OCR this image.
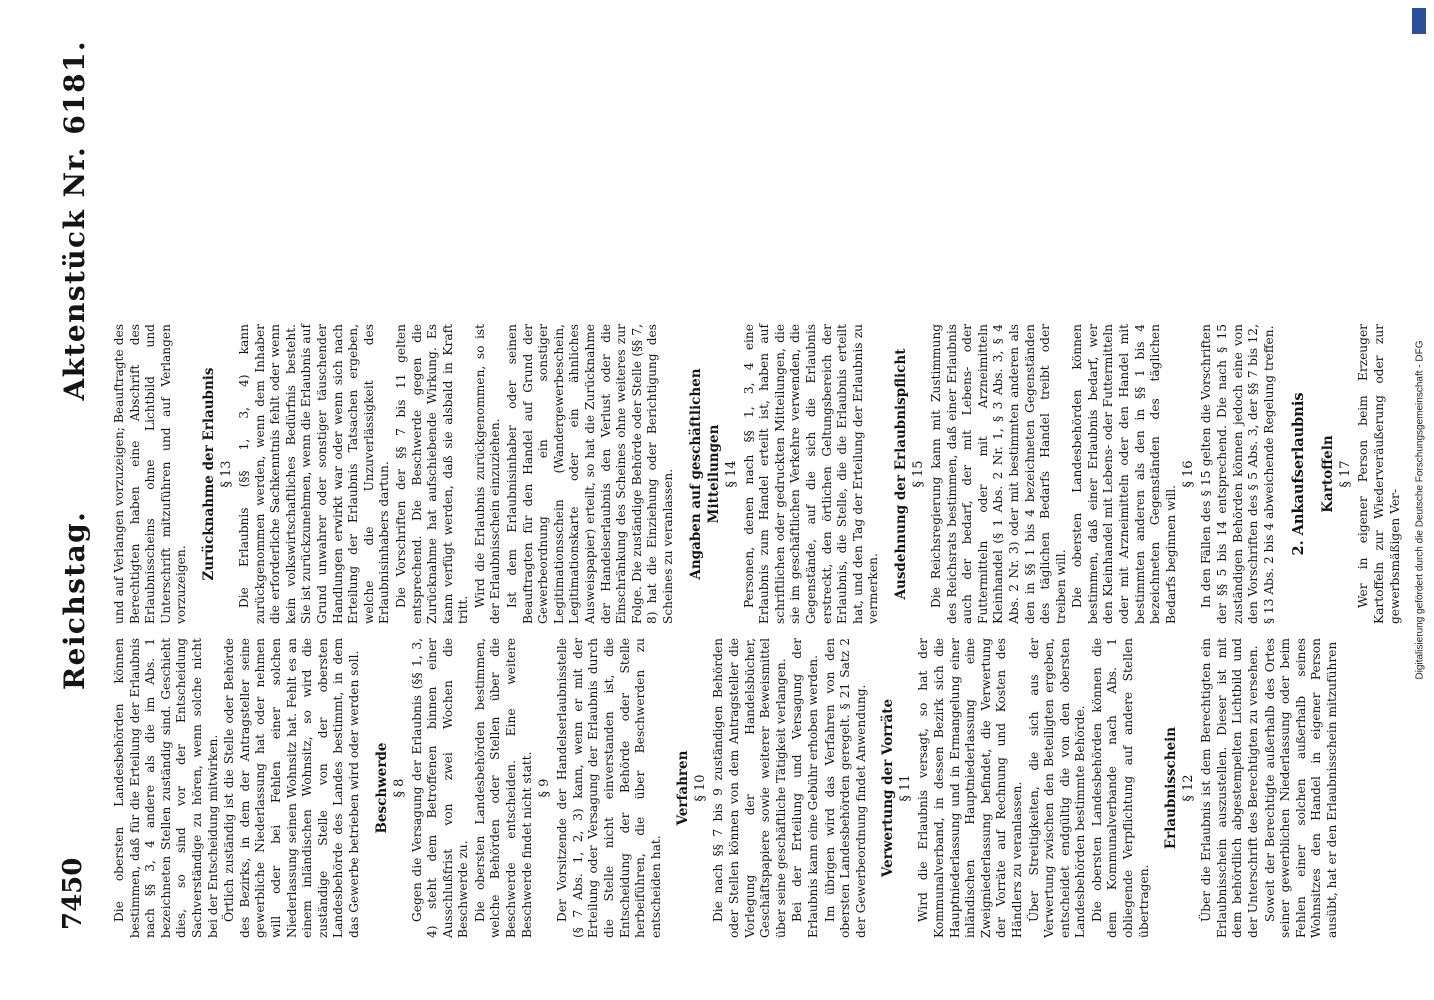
7450
Reichstag.
Aktenstück Nr. 6181.

Die obersten Landesbehörden können bestimmen, daß für die Erteilung der Erlaubnis nach §§ 3, 4 andere als die im Abs. 1 bezeichneten Stellen zuständig sind. Geschieht dies, so sind vor der Entscheidung Sachverständige zu hören, wenn solche nicht bei der Entscheidung mitwirken. Örtlich zuständig ist die Stelle oder Behörde des Bezirks, in dem der Antragsteller seine gewerbliche Niederlassung hat oder nehmen will oder bei Fehlen einer solchen Niederlassung seinen Wohnsitz hat. Fehlt es an einem inländischen Wohnsitz, so wird die zuständige Stelle von der obersten Landesbehörde des Landes bestimmt, in dem das Gewerbe betrieben wird oder werden soll. Beschwerde § 8 Gegen die Versagung der Erlaubnis (§§ 1, 3, 4) steht dem Betroffenen binnen einer Ausschlußfrist von zwei Wochen die Beschwerde zu. Die obersten Landesbehörden bestimmen, welche Behörden oder Stellen über die Beschwerde entscheiden. Eine weitere Beschwerde findet nicht statt. § 9 Der Vorsitzende der Handelserlaubnisstelle (§ 7 Abs. 1, 2, 3) kann, wenn er mit der Erteilung oder Versagung der Erlaubnis durch die Stelle nicht einverstanden ist, die Entscheidung der Behörde oder Stelle herbeiführen, die über Beschwerden zu entscheiden hat.

Verfahren § 10 Die nach §§ 7 bis 9 zuständigen Behörden oder Stellen können von dem Antragsteller die Vorlegung der Handelsbücher, Geschäftspapiere sowie weiterer Beweismittel über seine geschäftliche Tätigkeit verlangen. Bei der Erteilung und Versagung der Erlaubnis kann eine Gebühr erhoben werden. Im übrigen wird das Verfahren von den obersten Landesbehörden geregelt. § 21 Satz 2 der Gewerbeordnung findet Anwendung. Verwertung der Vorräte § 11 Wird die Erlaubnis versagt, so hat der Kommunalverband, in dessen Bezirk sich die Hauptniederlassung und in Ermangelung einer inländischen Hauptniederlassung eine Zweigniederlassung befindet, die Verwertung der Vorräte auf Rechnung und Kosten des Händlers zu veranlassen. Über Streitigkeiten, die sich aus der Verwertung zwischen den Beteiligten ergeben, entscheidet endgültig die von den obersten Landesbehörden bestimmte Behörde. Die obersten Landesbehörden können die dem Kommunalverbande nach Abs. 1 obliegende Verpflichtung auf andere Stellen übertragen.

Erlaubnisschein § 12 Über die Erlaubnis ist dem Berechtigten ein Erlaubnisschein auszustellen. Dieser ist mit dem behördlich abgestempelten Lichtbild und der Unterschrift des Berechtigten zu versehen. Soweit der Berechtigte außerhalb des Ortes seiner gewerblichen Niederlassung oder beim Fehlen einer solchen außerhalb seines Wohnsitzes den Handel in eigener Person ausübt, hat er den Erlaubnisschein mitzuführen

und auf Verlangen vorzuzeigen; Beauftragte des Berechtigten haben eine Abschrift des Erlaubnisscheins ohne Lichtbild und Unterschrift mitzuführen und auf Verlangen vorzuzeigen.

Zurücknahme der Erlaubnis § 13 Die Erlaubnis (§§ 1, 3, 4) kann zurückgenommen werden, wenn dem Inhaber die erforderliche Sachkenntnis fehlt oder wenn kein volkswirtschaftliches Bedürfnis besteht. Sie ist zurückzunehmen, wenn die Erlaubnis auf Grund unwahrer oder sonstiger täuschender Handlungen erwirkt war oder wenn sich nach Erteilung der Erlaubnis Tatsachen ergeben, welche die Unzuverlässigkeit des Erlaubnisinhabers dartun. Die Vorschriften der §§ 7 bis 11 gelten entsprechend. Die Beschwerde gegen die Zurücknahme hat aufschiebende Wirkung. Es kann verfügt werden, daß sie alsbald in Kraft tritt.

Wird die Erlaubnis zurückgenommen, so ist der Erlaubnisschein einzuziehen. Ist dem Erlaubnisinhaber oder seinen Beauftragten für den Handel auf Grund der Gewerbeordnung ein sonstiger Legitimationsschein (Wandergewerbeschein, Legitimationskarte oder ein ähnliches Ausweispapier) erteilt, so hat die Zurücknahme der Handelserlaubnis den Verlust oder die Einschränkung des Scheines ohne weiteres zur Folge. Die zuständige Behörde oder Stelle (§§ 7, 8) hat die Einziehung oder Berichtigung des Scheines zu veranlassen. Angaben auf geschäftlichen Mitteilungen § 14 Personen, denen nach §§ 1, 3, 4 eine Erlaubnis zum Handel erteilt ist, haben auf schriftlichen oder gedruckten Mitteilungen, die sie im geschäftlichen Verkehre verwenden, die Gegenstände, auf die sich die Erlaubnis erstreckt, den örtlichen Geltungsbereich der Erlaubnis, die Stelle, die die Erlaubnis erteilt hat, und den Tag der Erteilung der Erlaubnis zu vermerken. Ausdehnung der Erlaubnispflicht § 15 Die Reichsregierung kann mit Zustimmung des Reichsrats bestimmen, daß einer Erlaubnis auch der bedarf, der mit Lebens- oder Futtermitteln oder mit Arzneimitteln Kleinhandel (§ 1 Abs. 2 Nr. 1, § 3 Abs. 3, § 4 Abs. 2 Nr. 3) oder mit bestimmten anderen als den in §§ 1 bis 4 bezeichneten Gegenständen des täglichen Bedarfs Handel treibt oder treiben will. Die obersten Landesbehörden können bestimmen, daß einer Erlaubnis bedarf, wer den Kleinhandel mit Lebens- oder Futtermitteln oder mit Arzneimitteln oder den Handel mit bestimmten anderen als den in §§ 1 bis 4 bezeichneten Gegenständen des täglichen Bedarfs beginnen will.

§ 16 In den Fällen des § 15 gelten die Vorschriften der §§ 5 bis 14 entsprechend. Die nach § 15 zuständigen Behörden können jedoch eine von den Vorschriften des § 5 Abs. 3, der §§ 7 bis 12, § 13 Abs. 2 bis 4 abweichende Regelung treffen. 2. Ankaufserlaubnis Kartoffeln § 17 Wer in eigener Person beim Erzeuger Kartoffeln zur Wiederveräußerung oder zur gewerbsmäßigen Ver- Digitalisierung gefördert durch die Deutsche Forschungsgemeinschaft - DFG
